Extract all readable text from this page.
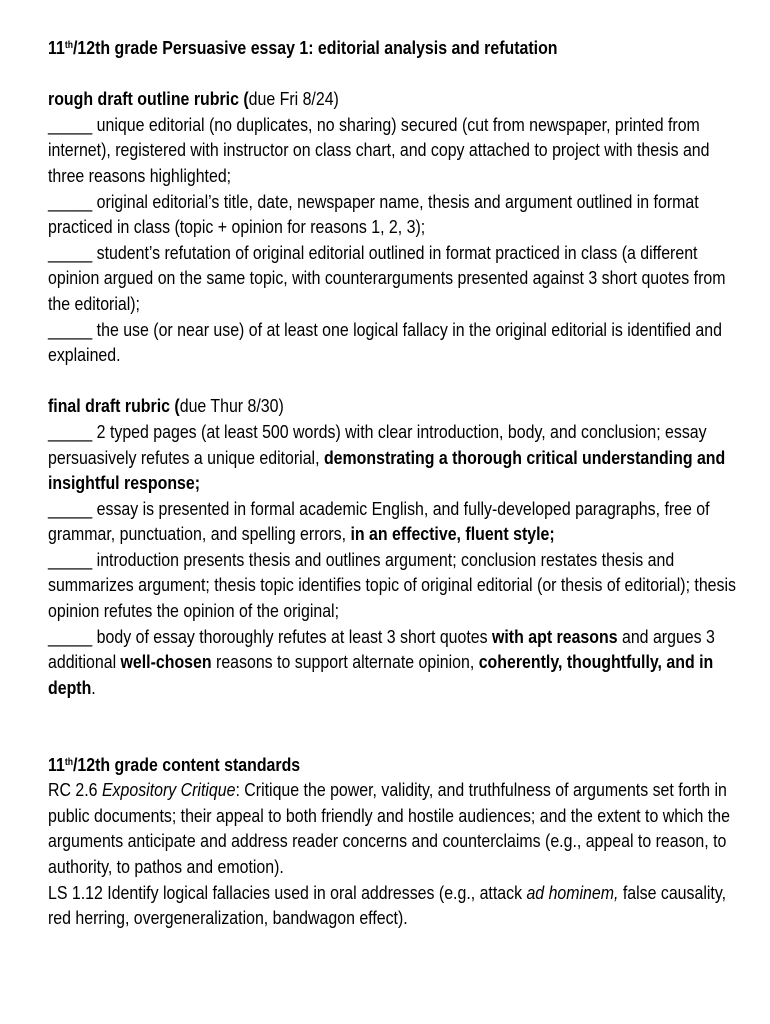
11th/12th grade Persuasive essay 1: editorial analysis and refutation

rough draft outline rubric (due Fri 8/24)

_____ unique editorial (no duplicates, no sharing) secured (cut from newspaper, printed from internet), registered with instructor on class chart, and copy attached to project with thesis and three reasons highlighted;

_____ original editorial’s title, date, newspaper name, thesis and argument outlined in format practiced in class (topic + opinion for reasons 1, 2, 3);

_____ student’s refutation of original editorial outlined in format practiced in class (a different opinion argued on the same topic, with counterarguments presented against 3 short quotes from the editorial);

_____ the use (or near use) of at least one logical fallacy in the original editorial is identified and explained.

final draft rubric (due Thur 8/30)

_____ 2 typed pages (at least 500 words) with clear introduction, body, and conclusion; essay persuasively refutes a unique editorial, demonstrating a thorough critical understanding and insightful response;

_____ essay is presented in formal academic English, and fully-developed paragraphs, free of grammar, punctuation, and spelling errors, in an effective, fluent style;

_____ introduction presents thesis and outlines argument; conclusion restates thesis and summarizes argument; thesis topic identifies topic of original editorial (or thesis of editorial); thesis opinion refutes the opinion of the original;

_____ body of essay thoroughly refutes at least 3 short quotes with apt reasons and argues 3 additional well-chosen reasons to support alternate opinion, coherently, thoughtfully, and in depth.

11th/12th grade content standards

RC 2.6 Expository Critique: Critique the power, validity, and truthfulness of arguments set forth in public documents; their appeal to both friendly and hostile audiences; and the extent to which the arguments anticipate and address reader concerns and counterclaims (e.g., appeal to reason, to authority, to pathos and emotion).

LS 1.12 Identify logical fallacies used in oral addresses (e.g., attack ad hominem, false causality, red herring, overgeneralization, bandwagon effect).
